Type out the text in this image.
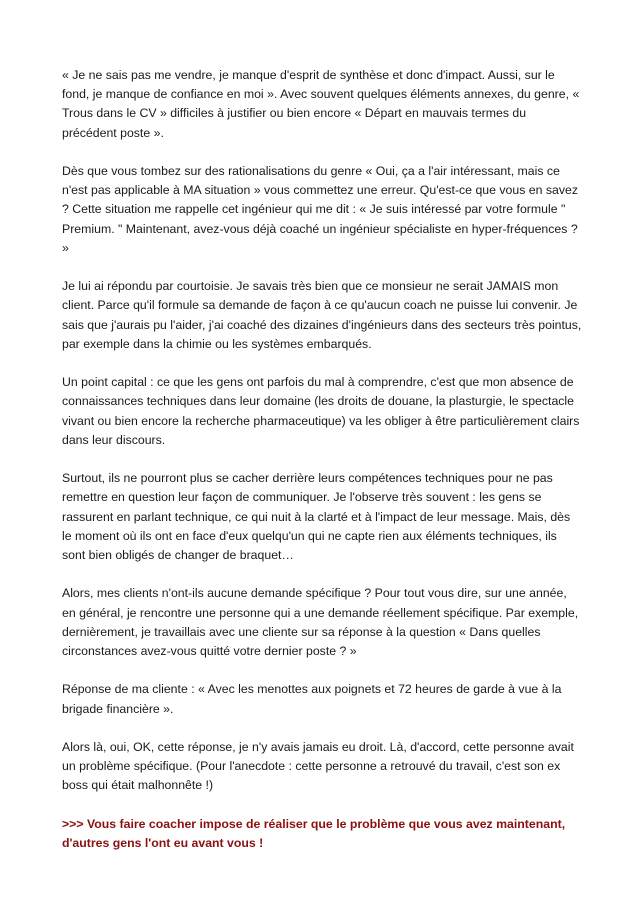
« Je ne sais pas me vendre, je manque d'esprit de synthèse et donc d'impact. Aussi, sur le fond, je manque de confiance en moi ». Avec souvent quelques éléments annexes, du genre, « Trous dans le CV » difficiles à justifier ou bien encore « Départ en mauvais termes du précédent poste ».

Dès que vous tombez sur des rationalisations du genre « Oui, ça a l'air intéressant, mais ce n'est pas applicable à MA situation » vous commettez une erreur. Qu'est-ce que vous en savez ? Cette situation me rappelle cet ingénieur qui me dit : « Je suis intéressé par votre formule " Premium. " Maintenant, avez-vous déjà coaché un ingénieur spécialiste en hyper-fréquences ? »

Je lui ai répondu par courtoisie. Je savais très bien que ce monsieur ne serait JAMAIS mon client. Parce qu'il formule sa demande de façon à ce qu'aucun coach ne puisse lui convenir. Je sais que j'aurais pu l'aider, j'ai coaché des dizaines d'ingénieurs dans des secteurs très pointus, par exemple dans la chimie ou les systèmes embarqués.

Un point capital : ce que les gens ont parfois du mal à comprendre, c'est que mon absence de connaissances techniques dans leur domaine (les droits de douane, la plasturgie, le spectacle vivant ou bien encore la recherche pharmaceutique) va les obliger à être particulièrement clairs dans leur discours.

Surtout, ils ne pourront plus se cacher derrière leurs compétences techniques pour ne pas remettre en question leur façon de communiquer. Je l'observe très souvent : les gens se rassurent en parlant technique, ce qui nuit à la clarté et à l'impact de leur message. Mais, dès le moment où ils ont en face d'eux quelqu'un qui ne capte rien aux éléments techniques, ils sont bien obligés de changer de braquet…

Alors, mes clients n'ont-ils aucune demande spécifique ? Pour tout vous dire, sur une année, en général, je rencontre une personne qui a une demande réellement spécifique. Par exemple, dernièrement, je travaillais avec une cliente sur sa réponse à la question « Dans quelles circonstances avez-vous quitté votre dernier poste ? »

Réponse de ma cliente : « Avec les menottes aux poignets et 72 heures de garde à vue à la brigade financière ».

Alors là, oui, OK, cette réponse, je n'y avais jamais eu droit. Là, d'accord, cette personne avait un problème spécifique. (Pour l'anecdote : cette personne a retrouvé du travail, c'est son ex boss qui était malhonnête !)

>>> Vous faire coacher impose de réaliser que le problème que vous avez maintenant, d'autres gens l'ont eu avant vous !
